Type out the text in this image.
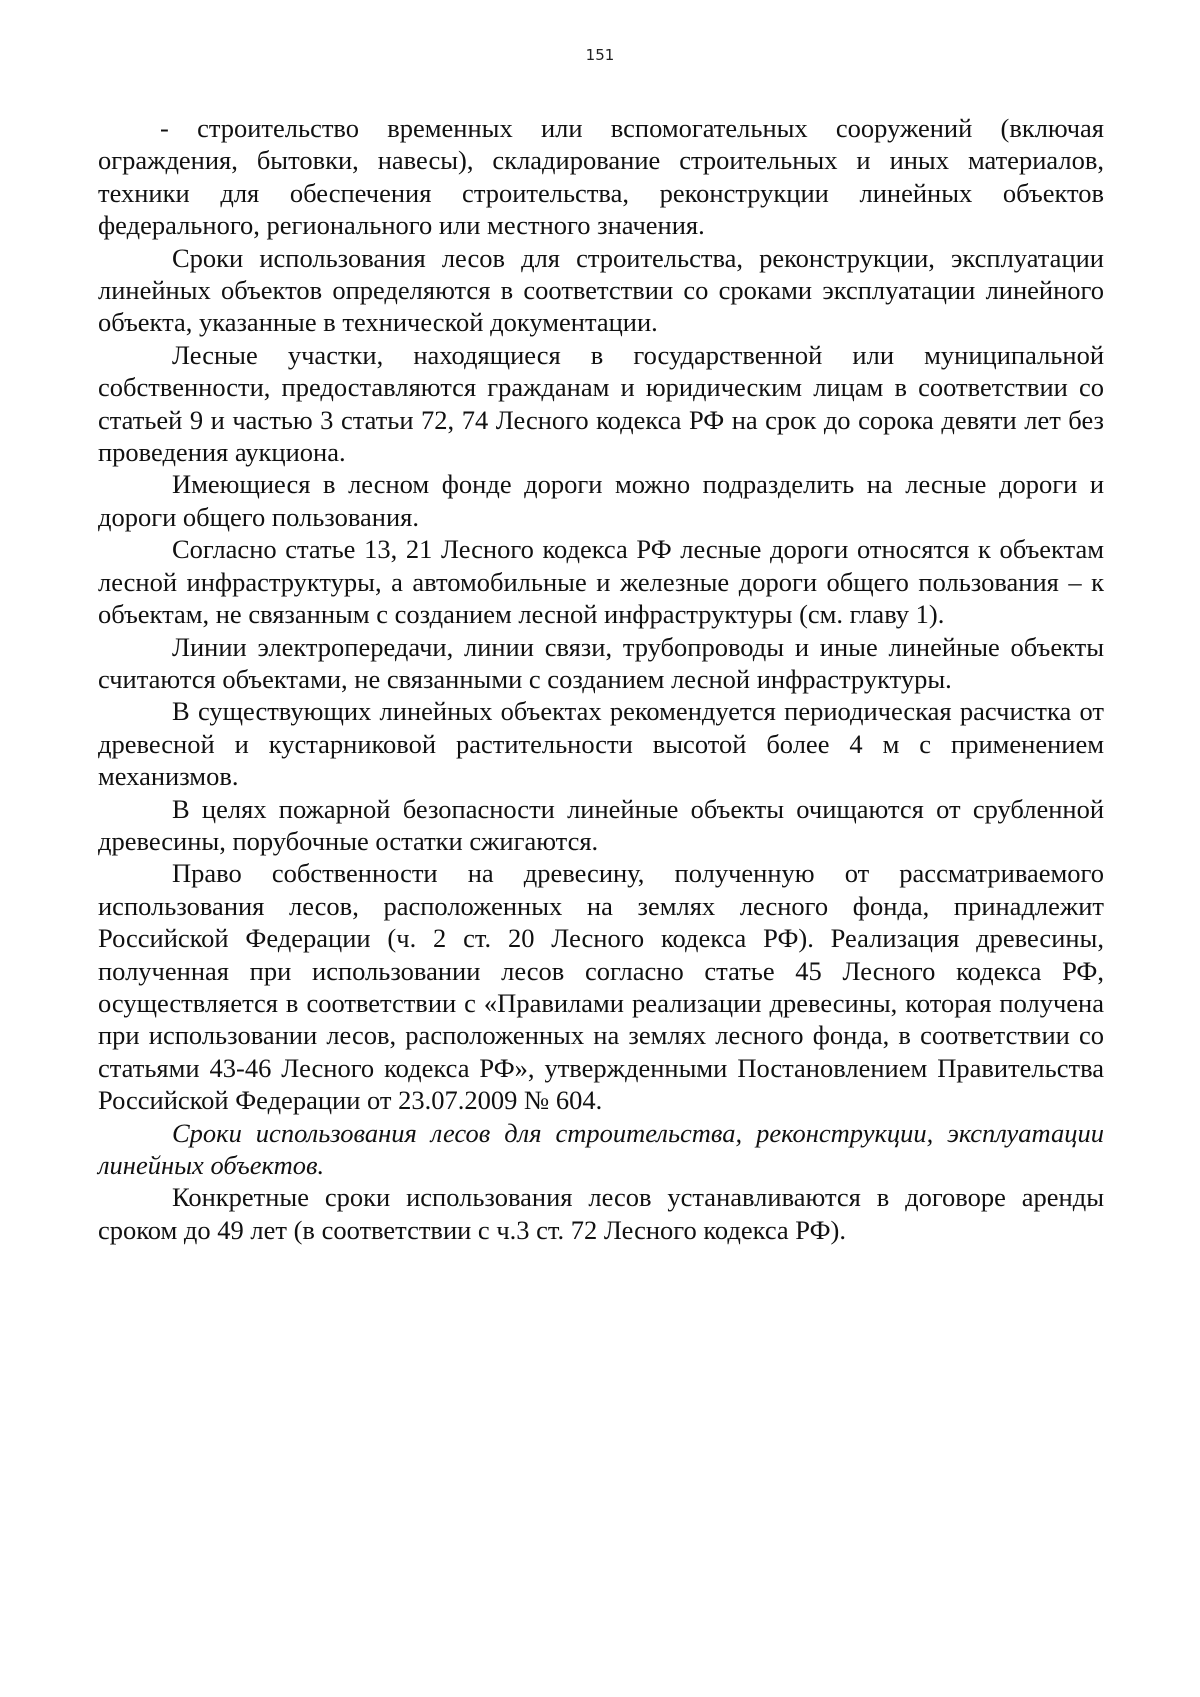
151

- строительство временных или вспомогательных сооружений (включая ограждения, бытовки, навесы), складирование строительных и иных материалов, техники для обеспечения строительства, реконструкции линейных объектов федерального, регионального или местного значения.

Сроки использования лесов для строительства, реконструкции, эксплуатации линейных объектов определяются в соответствии со сроками эксплуатации линейного объекта, указанные в технической документации.

Лесные участки, находящиеся в государственной или муниципальной собственности, предоставляются гражданам и юридическим лицам в соответствии со статьей 9 и частью 3 статьи 72, 74 Лесного кодекса РФ на срок до сорока девяти лет без проведения аукциона.

Имеющиеся в лесном фонде дороги можно подразделить на лесные дороги и дороги общего пользования.

Согласно статье 13, 21 Лесного кодекса РФ лесные дороги относятся к объектам лесной инфраструктуры, а автомобильные и железные дороги общего пользования – к объектам, не связанным с созданием лесной инфраструктуры (см. главу 1).

Линии электропередачи, линии связи, трубопроводы и иные линейные объекты считаются объектами, не связанными с созданием лесной инфраструктуры.

В существующих линейных объектах рекомендуется периодическая расчистка от древесной и кустарниковой растительности высотой более 4 м с применением механизмов.

В целях пожарной безопасности линейные объекты очищаются от срубленной древесины, порубочные остатки сжигаются.

Право собственности на древесину, полученную от рассматриваемого использования лесов, расположенных на землях лесного фонда, принадлежит Российской Федерации (ч. 2 ст. 20 Лесного кодекса РФ). Реализация древесины, полученная при использовании лесов согласно статье 45 Лесного кодекса РФ, осуществляется в соответствии с «Правилами реализации древесины, которая получена при использовании лесов, расположенных на землях лесного фонда, в соответствии со статьями 43-46 Лесного кодекса РФ», утвержденными Постановлением Правительства Российской Федерации от 23.07.2009 № 604.

Сроки использования лесов для строительства, реконструкции, эксплуатации линейных объектов.

Конкретные сроки использования лесов устанавливаются в договоре аренды сроком до 49 лет (в соответствии с ч.3 ст. 72 Лесного кодекса РФ).
